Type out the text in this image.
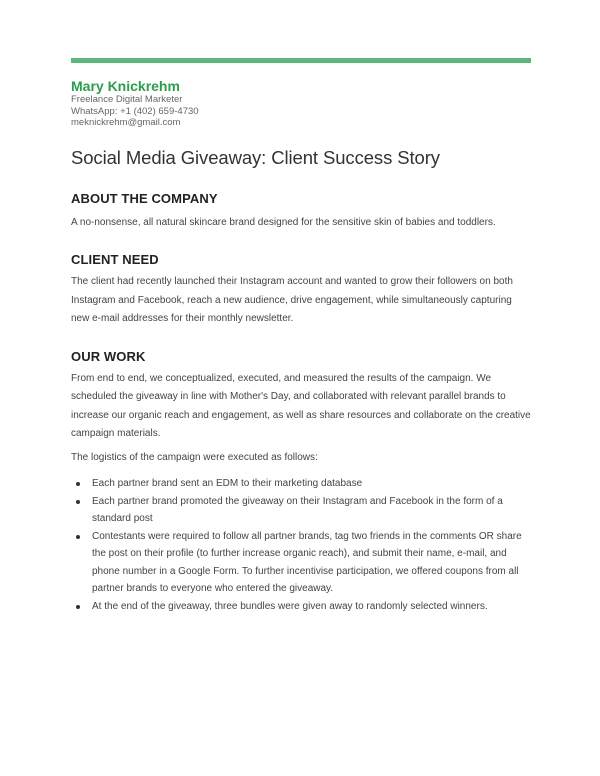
Mary Knickrehm
Freelance Digital Marketer
WhatsApp: +1 (402) 659-4730
meknickrehm@gmail.com
Social Media Giveaway: Client Success Story
ABOUT THE COMPANY
A no-nonsense, all natural skincare brand designed for the sensitive skin of babies and toddlers.
CLIENT NEED
The client had recently launched their Instagram account and wanted to grow their followers on both Instagram and Facebook, reach a new audience, drive engagement, while simultaneously capturing new e-mail addresses for their monthly newsletter.
OUR WORK
From end to end, we conceptualized, executed, and measured the results of the campaign. We scheduled the giveaway in line with Mother's Day, and collaborated with relevant parallel brands to increase our organic reach and engagement, as well as share resources and collaborate on the creative campaign materials.
The logistics of the campaign were executed as follows:
Each partner brand sent an EDM to their marketing database
Each partner brand promoted the giveaway on their Instagram and Facebook in the form of a standard post
Contestants were required to follow all partner brands, tag two friends in the comments OR share the post on their profile (to further increase organic reach), and submit their name, e-mail, and phone number in a Google Form. To further incentivise participation, we offered coupons from all partner brands to everyone who entered the giveaway.
At the end of the giveaway, three bundles were given away to randomly selected winners.
